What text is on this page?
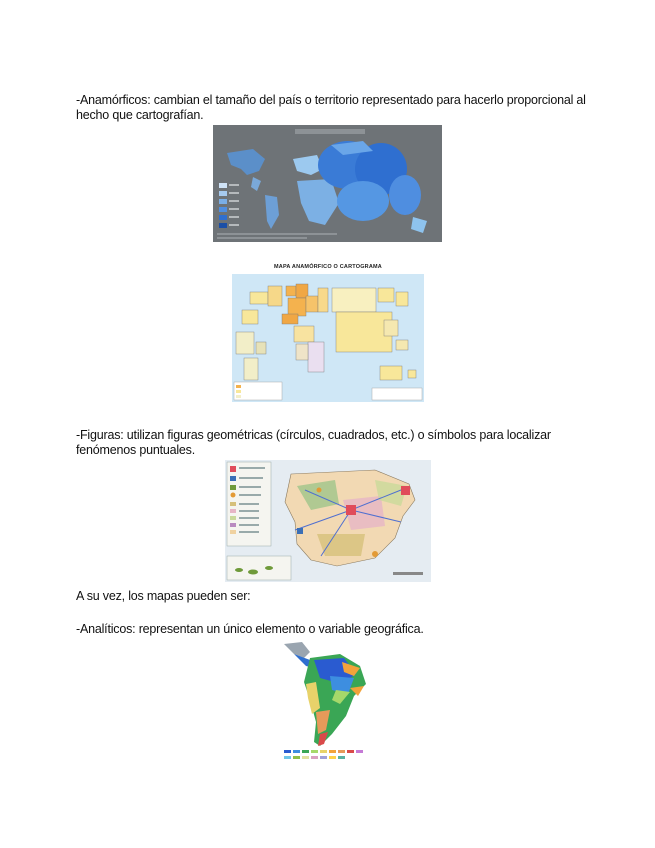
-Anamórficos: cambian el tamaño del país o territorio representado para hacerlo proporcional al hecho que cartografían.
MAPA ANAMÓRFICO O CARTOGRAMA
-Figuras: utilizan figuras geométricas (círculos, cuadrados, etc.) o símbolos para localizar fenómenos puntuales.
A su vez, los mapas pueden ser:
-Analíticos: representan un único elemento o variable geográfica.
